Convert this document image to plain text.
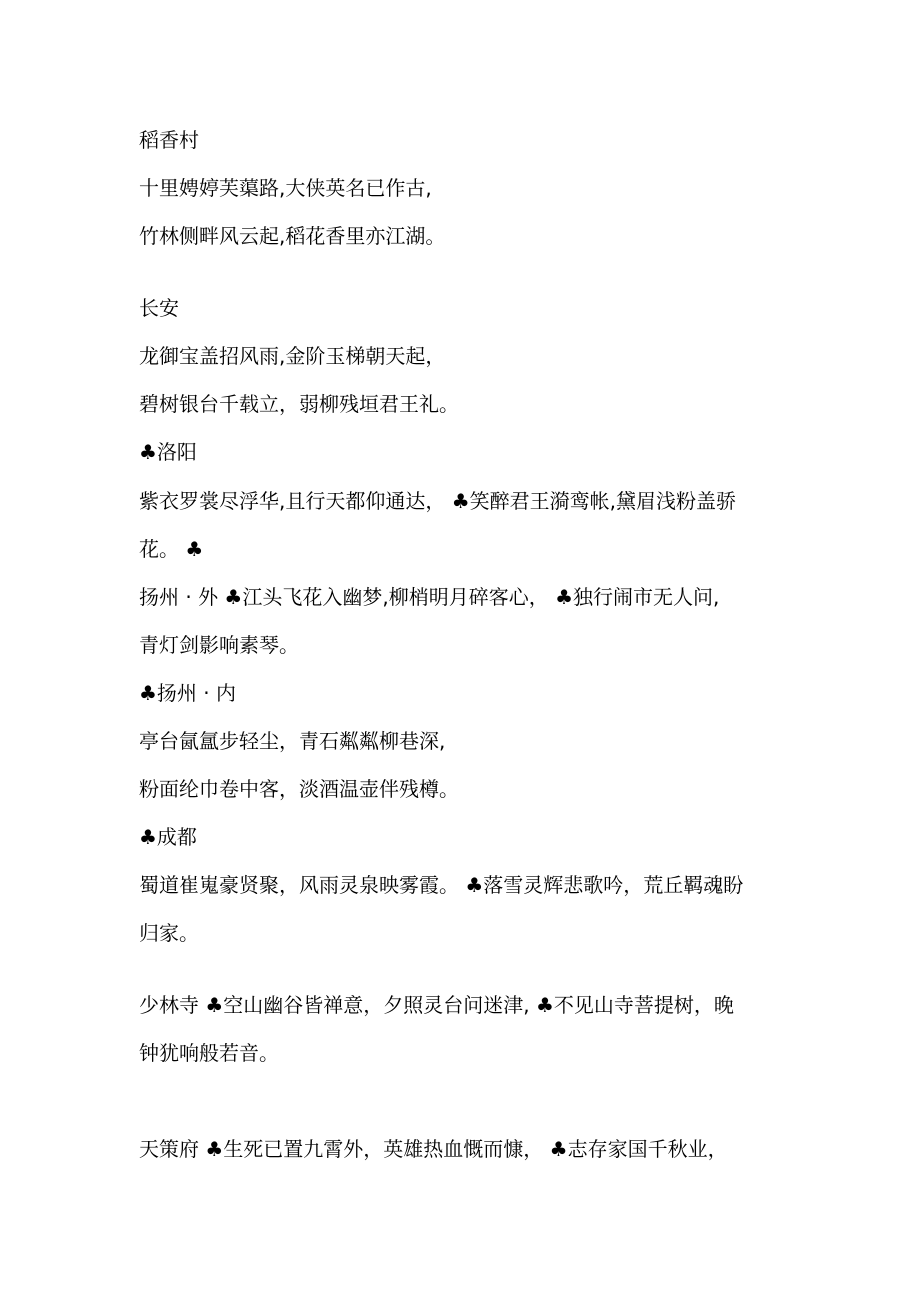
稻香村
十里娉婷芙蕖路,大侠英名已作古,
竹林侧畔风云起,稻花香里亦江湖。
长安
龙御宝盖招风雨,金阶玉梯朝天起，
碧树银台千载立，弱柳残垣君王礼。
♣洛阳
紫衣罗裳尽浮华,且行天都仰通达， ♣笑醉君王漪鸾帐,黛眉浅粉盖骄
花。 ♣
扬州 · 外 ♣江头飞花入幽梦,柳梢明月碎客心， ♣独行闹市无人问,
青灯剑影响素琴。
♣扬州 · 内
亭台氤氲步轻尘，青石粼粼柳巷深,
粉面纶巾卷中客，淡酒温壶伴残樽。
♣成都
蜀道崔嵬豪贤聚，风雨灵泉映雾霞。 ♣落雪灵辉悲歌吟，荒丘羁魂盼
归家。
少林寺 ♣空山幽谷皆禅意，夕照灵台问迷津, ♣不见山寺菩提树，晚
钟犹响般若音。
天策府 ♣生死已置九霄外，英雄热血慨而慷， ♣志存家国千秋业，
